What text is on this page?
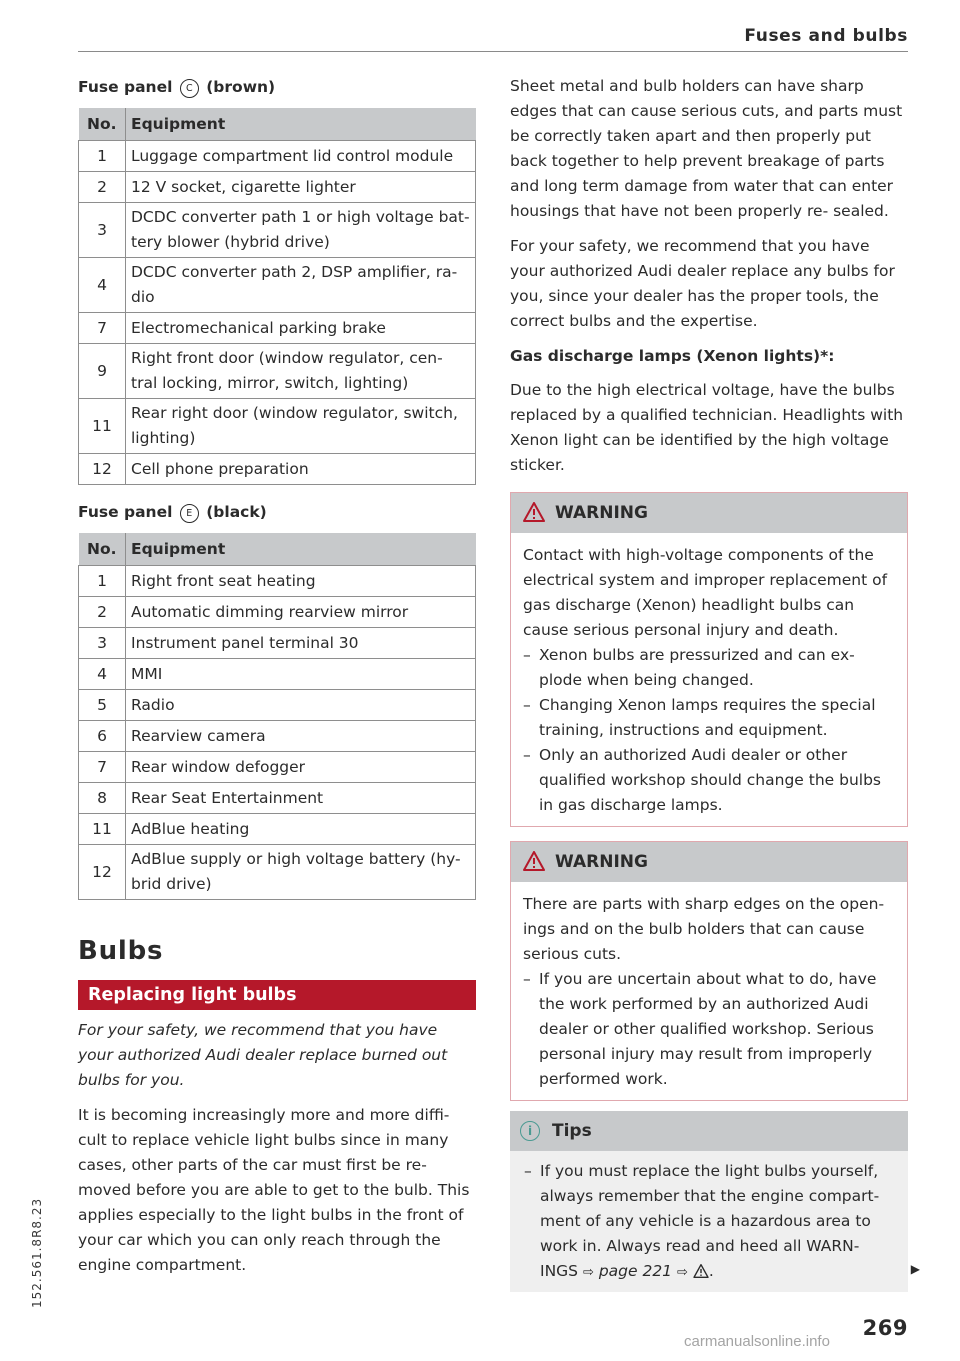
Fuses and bulbs
Fuse panel C (brown)
No.	Equipment
1	Luggage compartment lid control module
2	12 V socket, cigarette lighter
3	DCDC converter path 1 or high voltage bat- tery blower (hybrid drive)
4	DCDC converter path 2, DSP amplifier, ra- dio
7	Electromechanical parking brake
9	Right front door (window regulator, cen- tral locking, mirror, switch, lighting)
11	Rear right door (window regulator, switch, lighting)
12	Cell phone preparation
Fuse panel E (black)
No.	Equipment
1	Right front seat heating
2	Automatic dimming rearview mirror
3	Instrument panel terminal 30
4	MMI
5	Radio
6	Rearview camera
7	Rear window defogger
8	Rear Seat Entertainment
11	AdBlue heating
12	AdBlue supply or high voltage battery (hy- brid drive)
Bulbs
Replacing light bulbs

For your safety, we recommend that you have your authorized Audi dealer replace burned out bulbs for you.

It is becoming increasingly more and more diffi- cult to replace vehicle light bulbs since in many cases, other parts of the car must first be re- moved before you are able to get to the bulb. This applies especially to the light bulbs in the front of your car which you can only reach through the engine compartment.

Sheet metal and bulb holders can have sharp edges that can cause serious cuts, and parts must be correctly taken apart and then properly put back together to help prevent breakage of parts and long term damage from water that can enter housings that have not been properly re- sealed.

For your safety, we recommend that you have your authorized Audi dealer replace any bulbs for you, since your dealer has the proper tools, the correct bulbs and the expertise.

Gas discharge lamps (Xenon lights)*:

Due to the high electrical voltage, have the bulbs replaced by a qualified technician. Headlights with Xenon light can be identified by the high voltage sticker.

WARNING

Contact with high-voltage components of the electrical system and improper replacement of gas discharge (Xenon) headlight bulbs can cause serious personal injury and death.

– Xenon bulbs are pressurized and can ex- plode when being changed.
– Changing Xenon lamps requires the special training, instructions and equipment.
– Only an authorized Audi dealer or other qualified workshop should change the bulbs in gas discharge lamps.
WARNING

There are parts with sharp edges on the open- ings and on the bulb holders that can cause serious cuts.

– If you are uncertain about what to do, have the work performed by an authorized Audi dealer or other qualified workshop. Serious personal injury may result from improperly performed work.
i Tips
– If you must replace the light bulbs yourself, always remember that the engine compart- ment of any vehicle is a hazardous area to work in. Always read and heed all WARN- INGS ⇨ page 221 ⇨ .	▶
269
152.561.8R8.23
carmanualsonline.info
